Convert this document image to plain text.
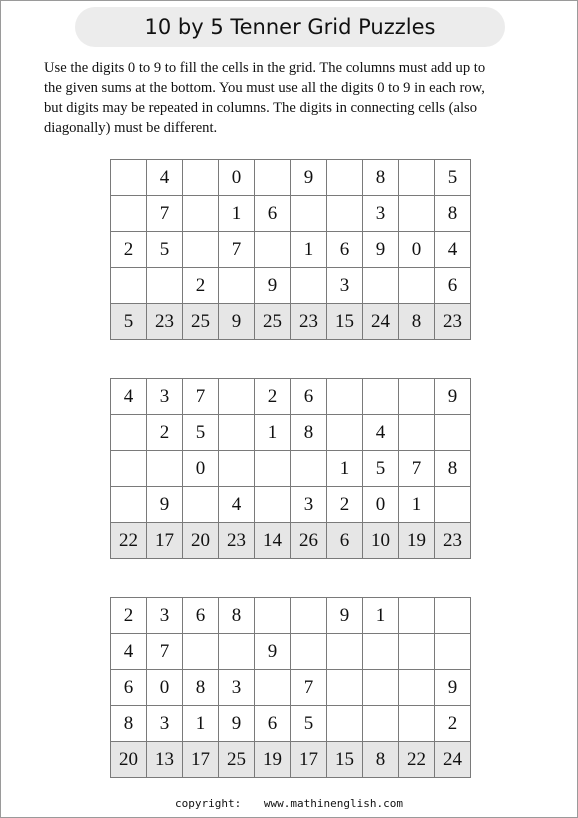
10 by 5 Tenner Grid Puzzles
Use the digits 0 to 9 to fill the cells in the grid. The columns must add up to
the given sums at the bottom. You must use all the digits 0 to 9 in each row,
but digits may be repeated in columns. The digits in connecting cells (also
diagonally) must be different.
	4		0		9		8		5
	7		1	6			3		8
2	5		7		1	6	9	0	4
		2		9		3			6
5	23	25	9	25	23	15	24	8	23
4	3	7		2	6				9
	2	5		1	8		4		
		0				1	5	7	8
	9		4		3	2	0	1	
22	17	20	23	14	26	6	10	19	23
2	3	6	8			9	1		
4	7			9					
6	0	8	3		7				9
8	3	1	9	6	5				2
20	13	17	25	19	17	15	8	22	24
copyright: www.mathinenglish.com
